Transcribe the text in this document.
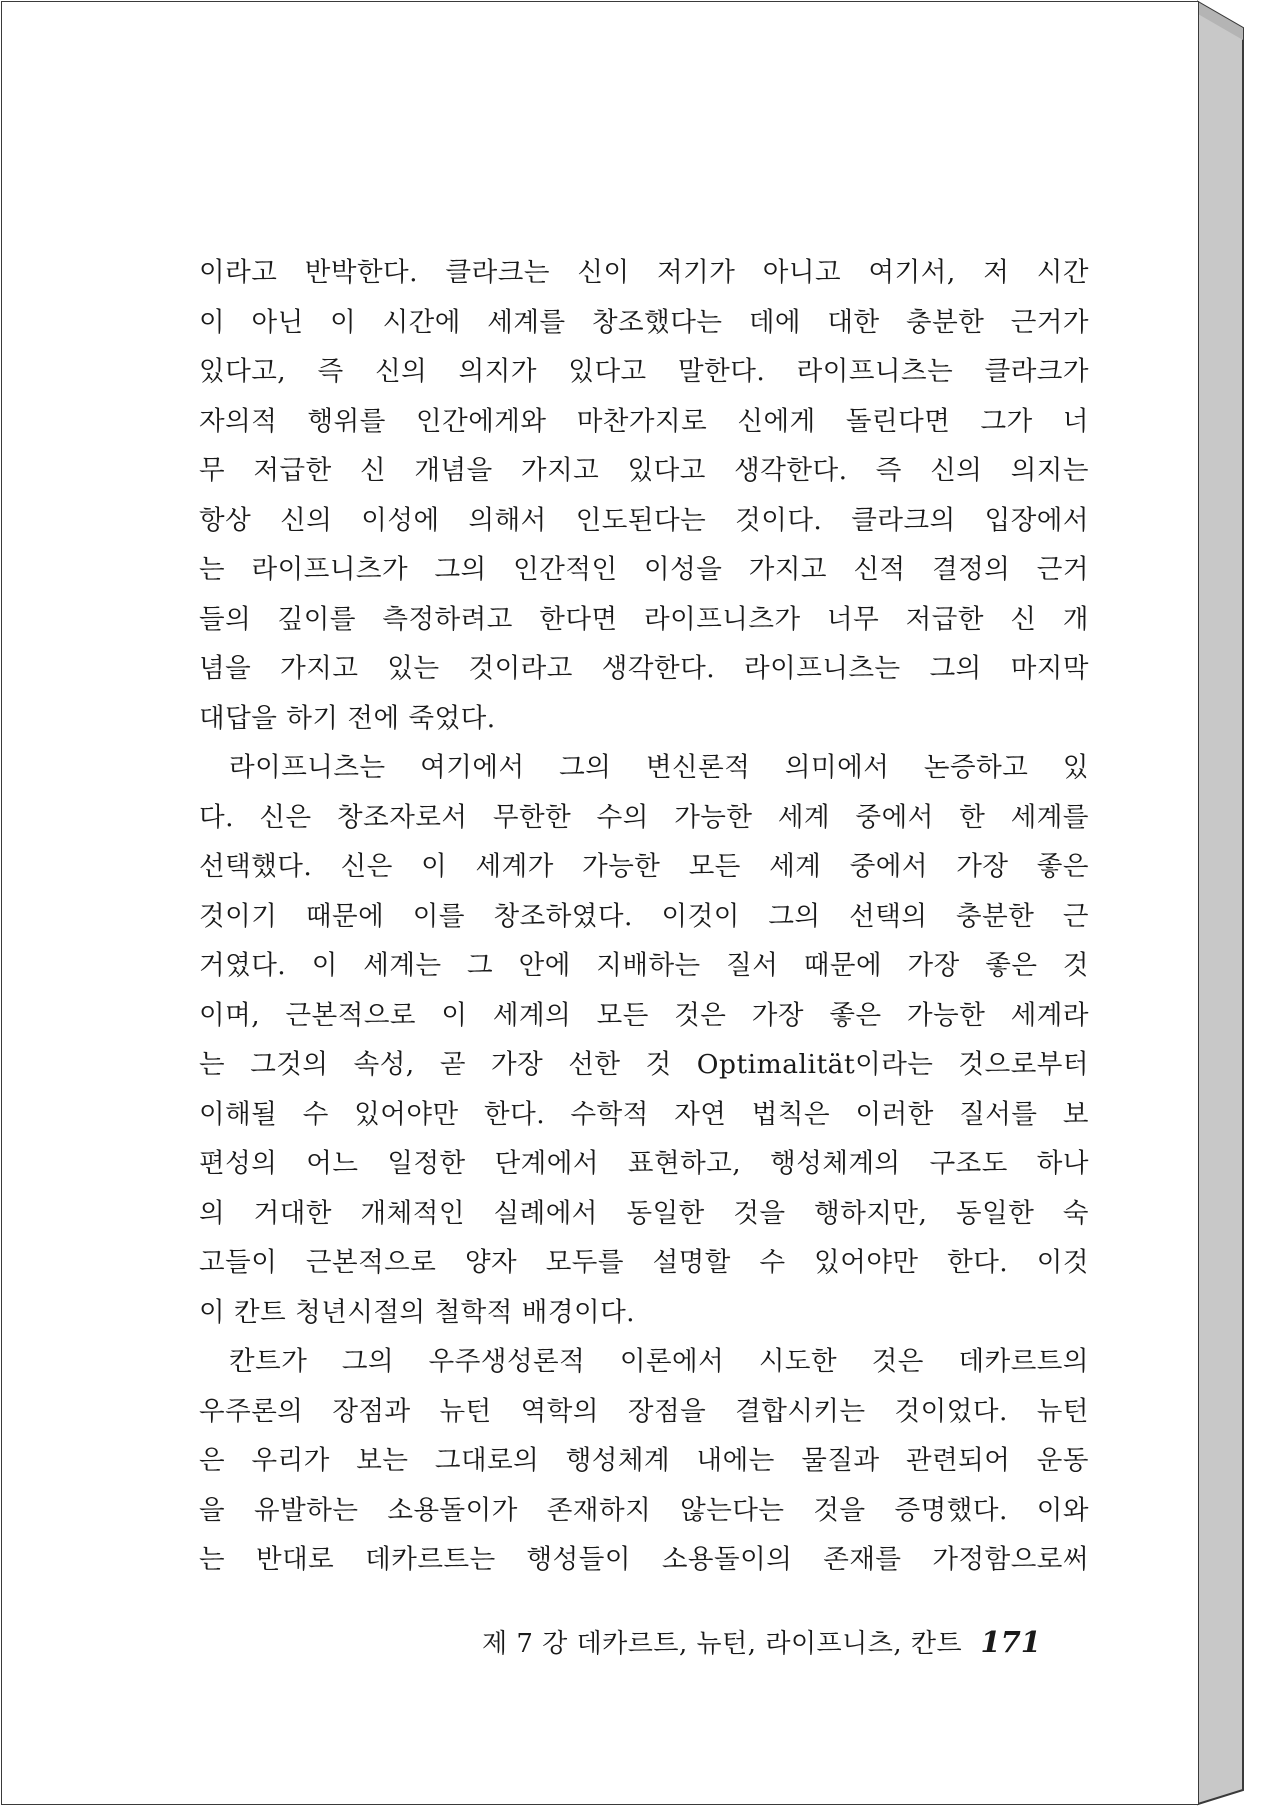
이라고 반박한다. 클라크는 신이 저기가 아니고 여기서, 저 시간
이 아닌 이 시간에 세계를 창조했다는 데에 대한 충분한 근거가
있다고, 즉 신의 의지가 있다고 말한다. 라이프니츠는 클라크가
자의적 행위를 인간에게와 마찬가지로 신에게 돌린다면 그가 너
무 저급한 신 개념을 가지고 있다고 생각한다. 즉 신의 의지는
항상 신의 이성에 의해서 인도된다는 것이다. 클라크의 입장에서
는 라이프니츠가 그의 인간적인 이성을 가지고 신적 결정의 근거
들의 깊이를 측정하려고 한다면 라이프니츠가 너무 저급한 신 개
념을 가지고 있는 것이라고 생각한다. 라이프니츠는 그의 마지막
대답을 하기 전에 죽었다.
라이프니츠는 여기에서 그의 변신론적 의미에서 논증하고 있
다. 신은 창조자로서 무한한 수의 가능한 세계 중에서 한 세계를
선택했다. 신은 이 세계가 가능한 모든 세계 중에서 가장 좋은
것이기 때문에 이를 창조하였다. 이것이 그의 선택의 충분한 근
거였다. 이 세계는 그 안에 지배하는 질서 때문에 가장 좋은 것
이며, 근본적으로 이 세계의 모든 것은 가장 좋은 가능한 세계라
는 그것의 속성, 곧 가장 선한 것 Optimalität이라는 것으로부터
이해될 수 있어야만 한다. 수학적 자연 법칙은 이러한 질서를 보
편성의 어느 일정한 단계에서 표현하고, 행성체계의 구조도 하나
의 거대한 개체적인 실례에서 동일한 것을 행하지만, 동일한 숙
고들이 근본적으로 양자 모두를 설명할 수 있어야만 한다. 이것
이 칸트 청년시절의 철학적 배경이다.
칸트가 그의 우주생성론적 이론에서 시도한 것은 데카르트의
우주론의 장점과 뉴턴 역학의 장점을 결합시키는 것이었다. 뉴턴
은 우리가 보는 그대로의 행성체계 내에는 물질과 관련되어 운동
을 유발하는 소용돌이가 존재하지 않는다는 것을 증명했다. 이와
는 반대로 데카르트는 행성들이 소용돌이의 존재를 가정함으로써
제 7 강 데카르트, 뉴턴, 라이프니츠, 칸트 171
